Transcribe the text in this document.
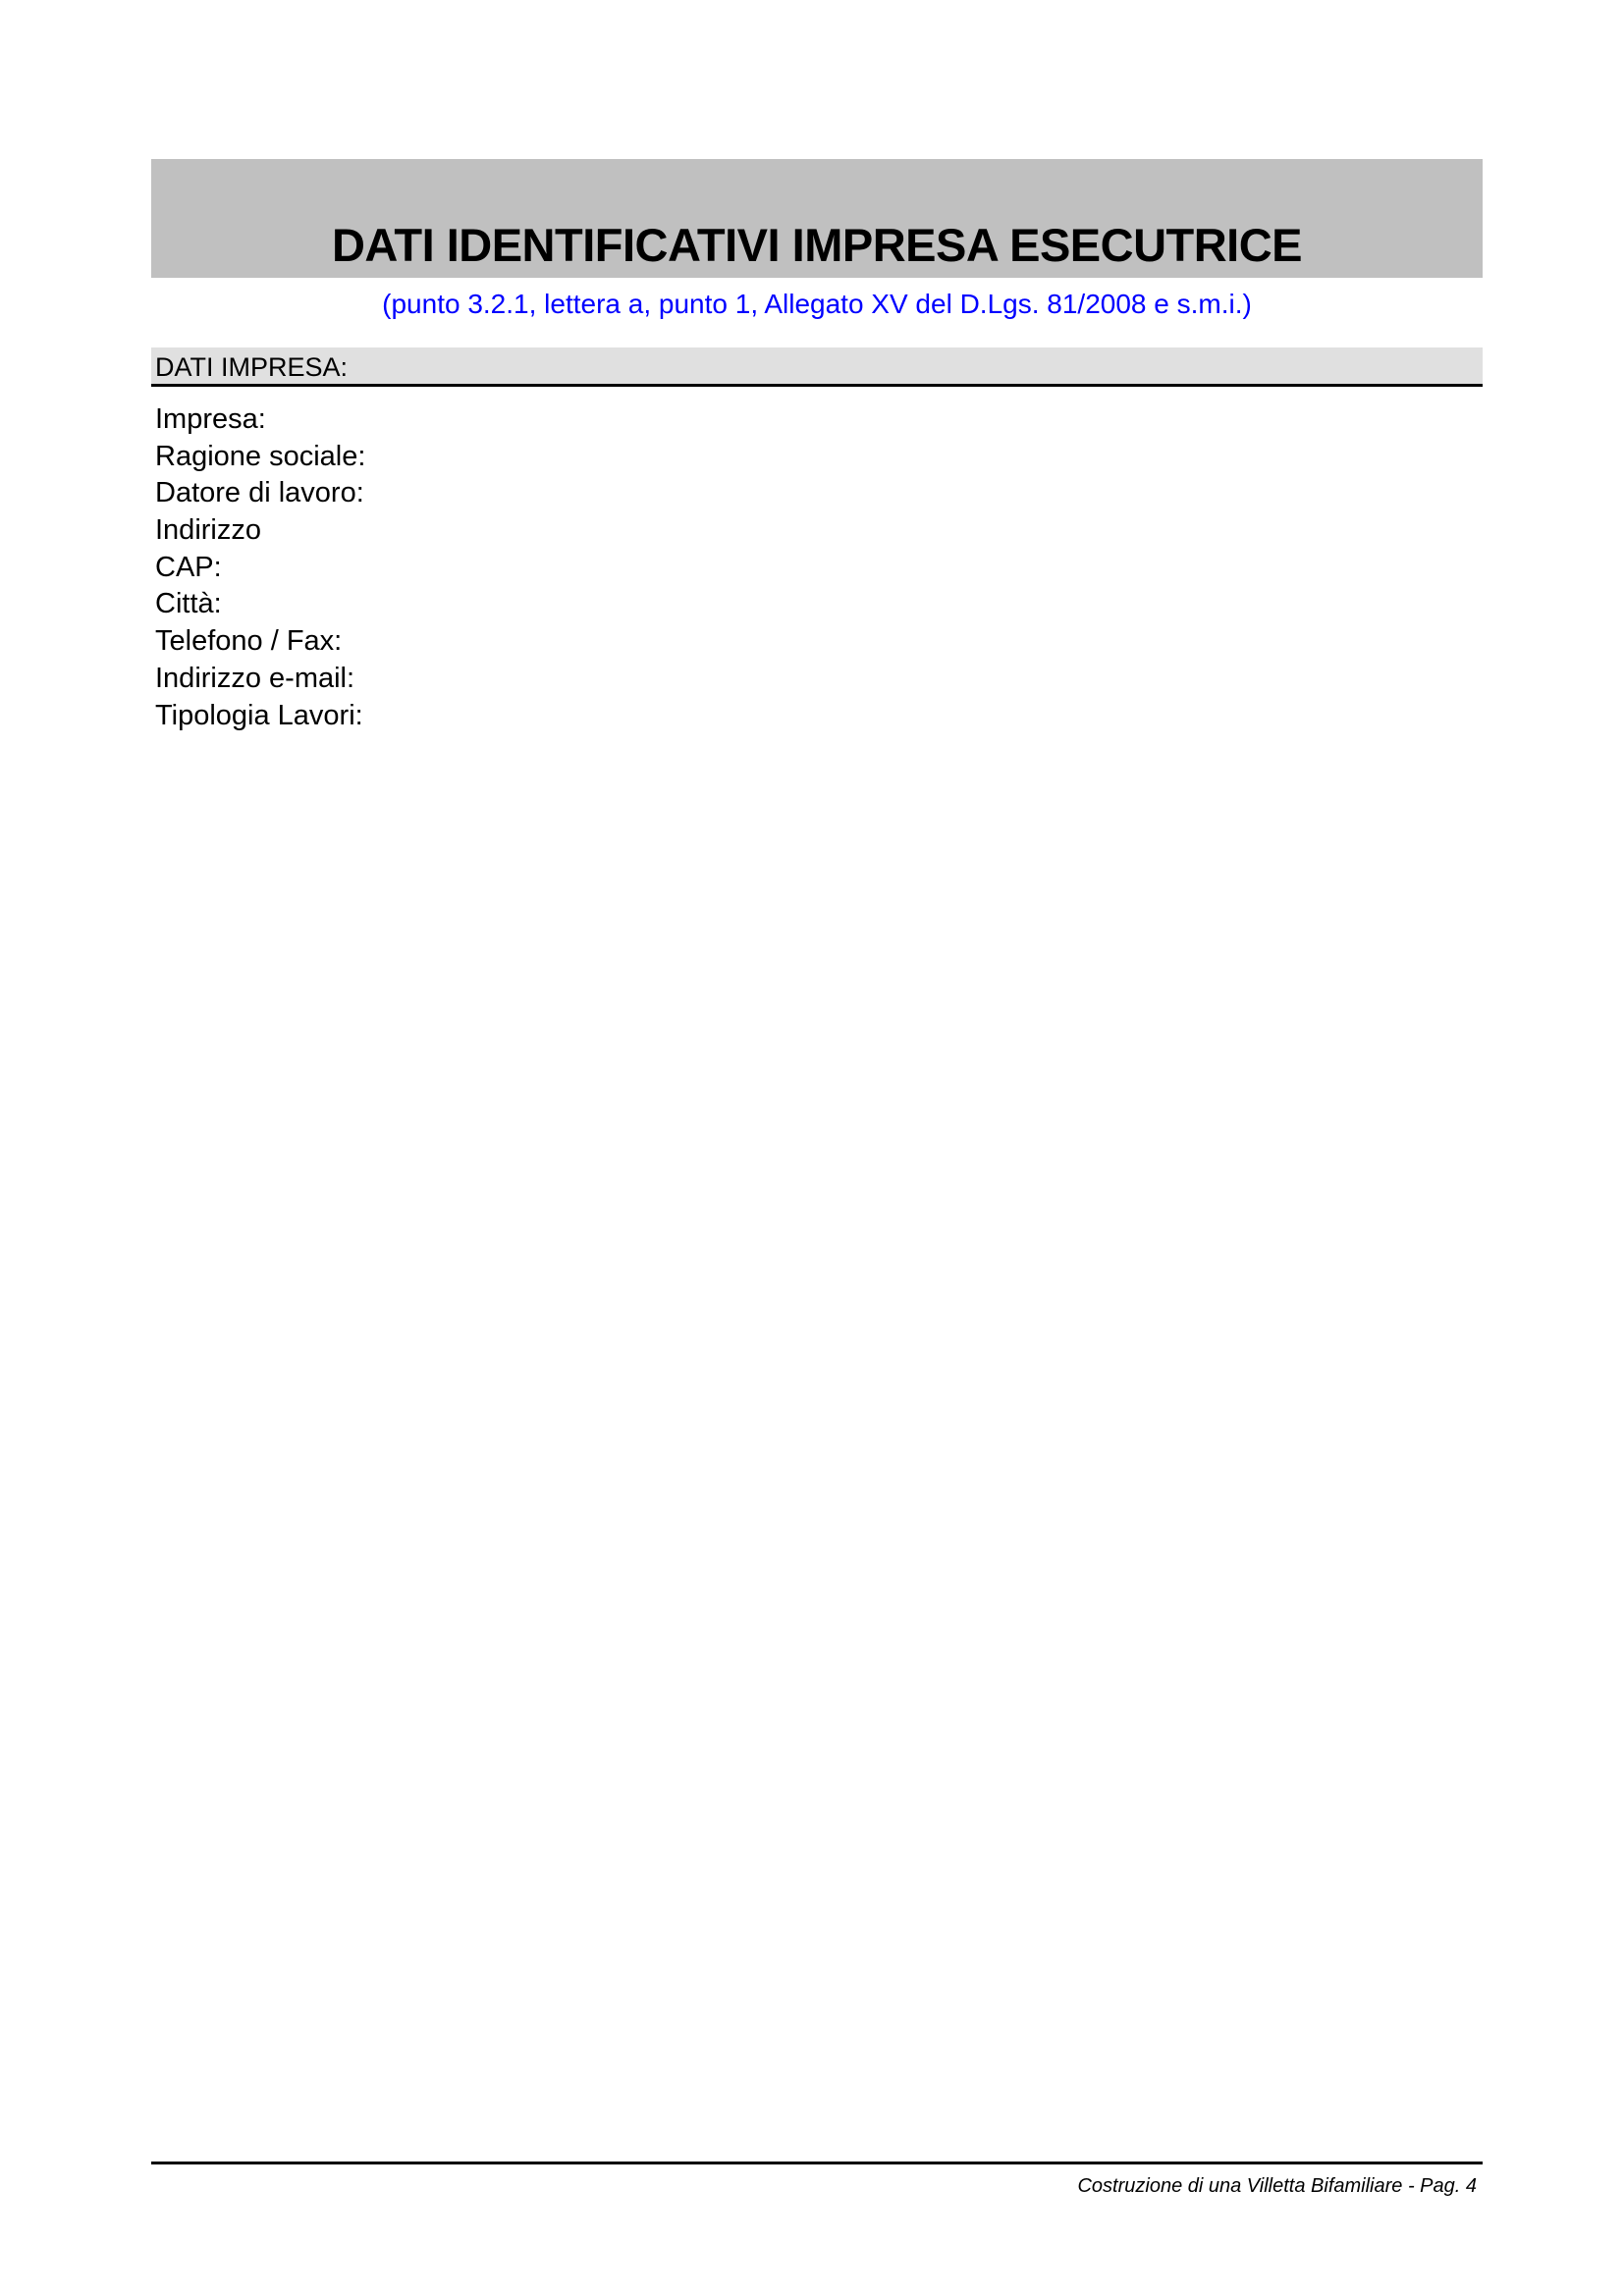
DATI IDENTIFICATIVI IMPRESA ESECUTRICE

(punto 3.2.1, lettera a, punto 1, Allegato XV del D.Lgs. 81/2008 e s.m.i.)

DATI IMPRESA:
Impresa:
Ragione sociale:
Datore di lavoro:
Indirizzo
CAP:
Città:
Telefono / Fax:
Indirizzo e-mail:
Tipologia Lavori:
Costruzione di una Villetta Bifamiliare - Pag. 4
